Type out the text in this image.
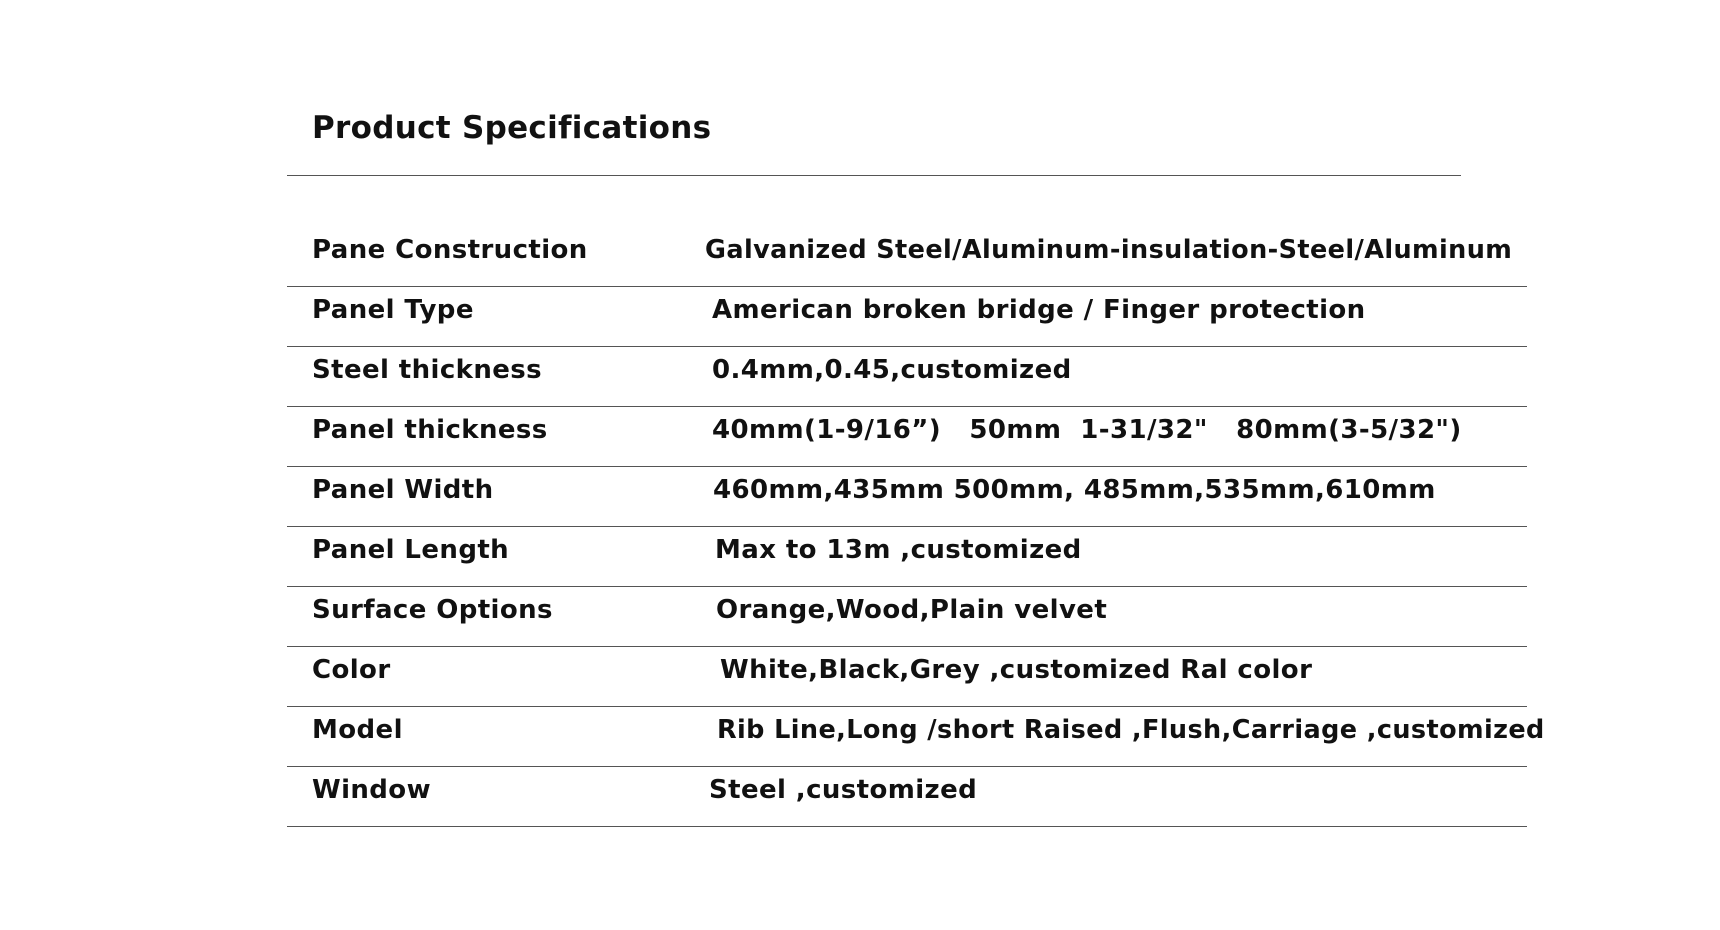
Product Specifications
Pane Construction	Galvanized Steel/Aluminum-insulation-Steel/Aluminum
Panel Type	American broken bridge / Finger protection
Steel thickness	0.4mm,0.45,customized
Panel thickness	40mm(1-9/16”)   50mm  1-31/32"   80mm(3-5/32")
Panel Width	460mm,435mm 500mm, 485mm,535mm,610mm
Panel Length	Max to 13m ,customized
Surface Options	Orange,Wood,Plain velvet
Color	White,Black,Grey ,customized Ral color
Model	Rib Line,Long /short Raised ,Flush,Carriage ,customized
Window	Steel ,customized
